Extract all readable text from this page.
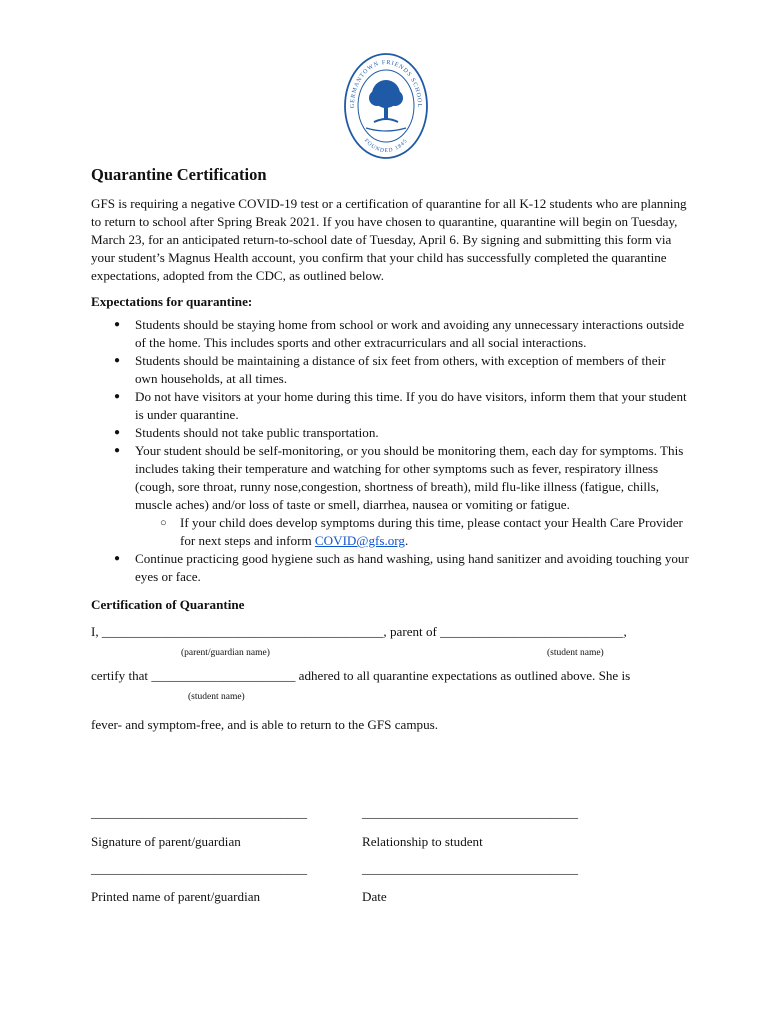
GERMANTOWN FRIENDS SCHOOL
FOUNDED 1845
Quarantine Certification

GFS is requiring a negative COVID-19 test or a certification of quarantine for all K-12 students who are planning to return to school after Spring Break 2021. If you have chosen to quarantine, quarantine will begin on Tuesday, March 23, for an anticipated return-to-school date of Tuesday, April 6. By signing and submitting this form via your student’s Magnus Health account, you confirm that your child has successfully completed the quarantine expectations, adopted from the CDC, as outlined below.

Expectations for quarantine:

● Students should be staying home from school or work and avoiding any unnecessary interactions outside of the home. This includes sports and other extracurriculars and all social interactions.
● Students should be maintaining a distance of six feet from others, with exception of members of their own households, at all times.
● Do not have visitors at your home during this time. If you do have visitors, inform them that your student is under quarantine.
● Students should not take public transportation.
● Your student should be self-monitoring, or you should be monitoring them, each day for symptoms. This includes taking their temperature and watching for other symptoms such as fever, respiratory illness (cough, sore throat, runny nose,congestion, shortness of breath), mild flu-like illness (fatigue, chills, muscle aches) and/or loss of taste or smell, diarrhea, nausea or vomiting or fatigue.
○ If your child does develop symptoms during this time, please contact your Health Care Provider for next steps and inform COVID@gfs.org.
● Continue practicing good hygiene such as hand washing, using hand sanitizer and avoiding touching your eyes or face.

Certification of Quarantine

I, ___________________________________________, parent of ____________________________,

(parent/guardian name)	(student name)

certify that ______________________ adhered to all quarantine expectations as outlined above. She is

(student name)

fever- and symptom-free, and is able to return to the GFS campus.

_________________________________	_________________________________
Signature of parent/guardian	Relationship to student
_________________________________	_________________________________
Printed name of parent/guardian	Date
